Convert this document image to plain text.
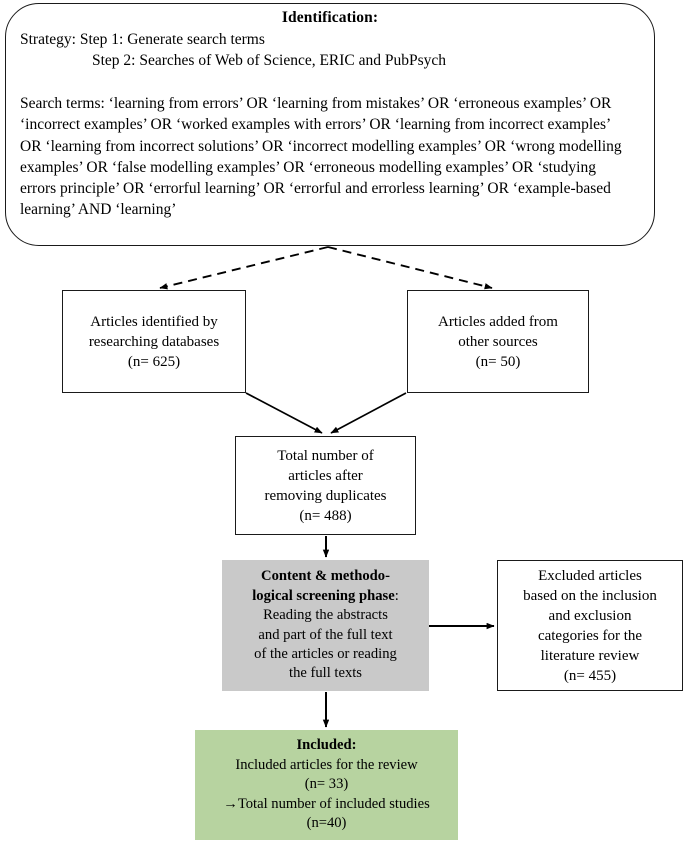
Identification:
Strategy: Step 1: Generate search terms
Step 2: Searches of Web of Science, ERIC and PubPsych
Search terms: ‘learning from errors’ OR ‘learning from mistakes’ OR ‘erroneous examples’ OR ‘incorrect examples’ OR ‘worked examples with errors’ OR ‘learning from incorrect examples’ OR ‘learning from incorrect solutions’ OR ‘incorrect modelling examples’ OR ‘wrong modelling examples’ OR ‘false modelling examples’ OR ‘erroneous modelling examples’ OR ‘studying errors principle’ OR ‘errorful learning’ OR ‘errorful and errorless learning’ OR ‘example-based learning’ AND ‘learning’
Articles identified by
researching databases
(n= 625)
Articles added from
other sources
(n= 50)
Total number of
articles after
removing duplicates
(n= 488)
Content & methodo-
logical screening phase:
Reading the abstracts
and part of the full text
of the articles or reading
the full texts
Excluded articles
based on the inclusion
and exclusion
categories for the
literature review
(n= 455)
Included:
Included articles for the review
(n= 33)
→Total number of included studies
(n=40)
